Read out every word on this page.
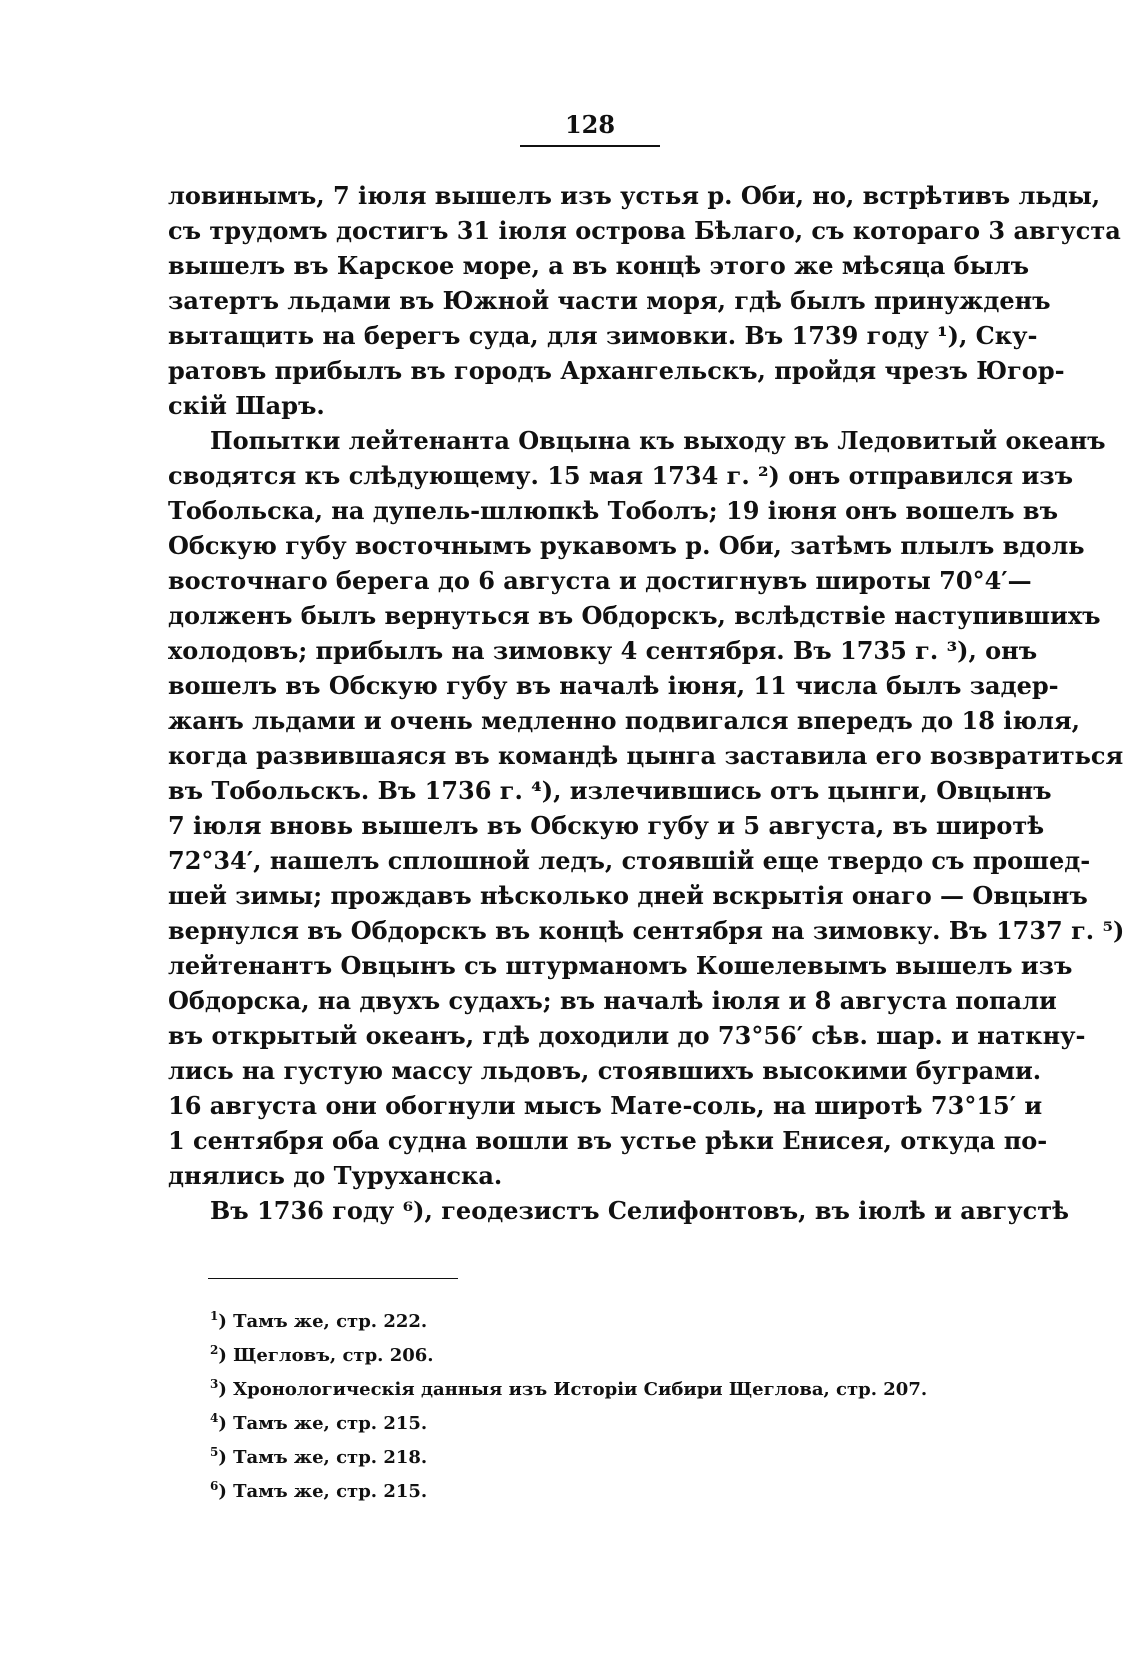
128

ловинымъ, 7 іюля вышелъ изъ устья р. Оби, но, встрѣтивъ льды,
съ трудомъ достигъ 31 іюля острова Бѣлаго, съ котораго 3 августа
вышелъ въ Карское море, а въ концѣ этого же мѣсяца былъ
затертъ льдами въ Южной части моря, гдѣ былъ принужденъ
вытащить на берегъ суда, для зимовки. Въ 1739 году ¹), Ску-
ратовъ прибылъ въ городъ Архангельскъ, пройдя чрезъ Югор-
скій Шаръ.

Попытки лейтенанта Овцына къ выходу въ Ледовитый океанъ
сводятся къ слѣдующему. 15 мая 1734 г. ²) онъ отправился изъ
Тобольска, на дупель-шлюпкѣ Тоболъ; 19 іюня онъ вошелъ въ
Обскую губу восточнымъ рукавомъ р. Оби, затѣмъ плылъ вдоль
восточнаго берега до 6 августа и достигнувъ широты 70°4′—
долженъ былъ вернуться въ Обдорскъ, вслѣдствіе наступившихъ
холодовъ; прибылъ на зимовку 4 сентября. Въ 1735 г. ³), онъ
вошелъ въ Обскую губу въ началѣ іюня, 11 числа былъ задер-
жанъ льдами и очень медленно подвигался впередъ до 18 іюля,
когда развившаяся въ командѣ цынга заставила его возвратиться
въ Тобольскъ. Въ 1736 г. ⁴), излечившись отъ цынги, Овцынъ
7 іюля вновь вышелъ въ Обскую губу и 5 августа, въ широтѣ
72°34′, нашелъ сплошной ледъ, стоявшій еще твердо съ прошед-
шей зимы; прождавъ нѣсколько дней вскрытія онаго — Овцынъ
вернулся въ Обдорскъ въ концѣ сентября на зимовку. Въ 1737 г. ⁵)
лейтенантъ Овцынъ съ штурманомъ Кошелевымъ вышелъ изъ
Обдорска, на двухъ судахъ; въ началѣ іюля и 8 августа попали
въ открытый океанъ, гдѣ доходили до 73°56′ сѣв. шар. и наткну-
лись на густую массу льдовъ, стоявшихъ высокими буграми.
16 августа они обогнули мысъ Мате-соль, на широтѣ 73°15′ и
1 сентября оба судна вошли въ устье рѣки Енисея, откуда по-
днялись до Туруханска.

Въ 1736 году ⁶), геодезистъ Селифонтовъ, въ іюлѣ и августѣ

$^1$) Тамъ же, стр. 222.
$^2$) Щегловъ, стр. 206.
$^3$) Хронологическія данныя изъ Исторіи Сибири Щеглова, стр. 207.
$^4$) Тамъ же, стр. 215.
$^5$) Тамъ же, стр. 218.
$^6$) Тамъ же, стр. 215.
